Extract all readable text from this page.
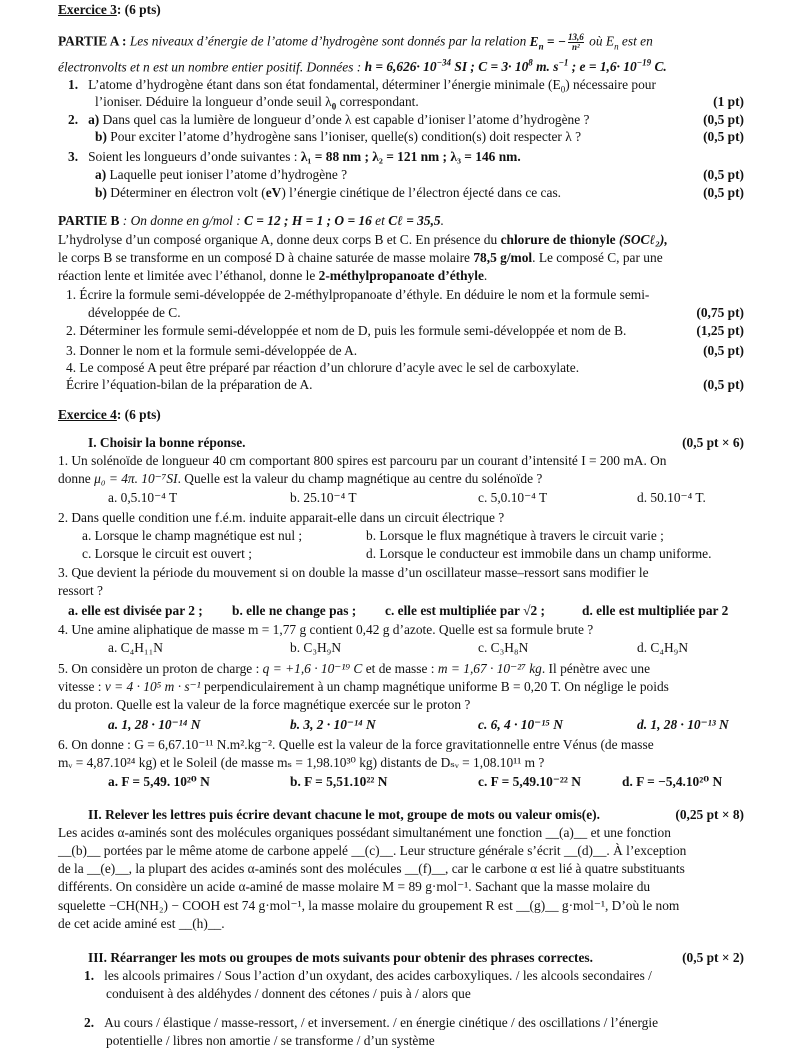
Exercice 3: (6 pts)
PARTIE A : Les niveaux d’énergie de l’atome d’hydrogène sont donnés par la relation $E_n$ = − $\frac{13,6}{\text{n²}}$ où $E_n$ est en
électronvolts et n est un nombre entier positif. Données : $h = 6,626\cdot 10^{-34}$ SI ; $C = 3\cdot 10^8$ m. $s^{-1}$ ; $e = 1,6\cdot 10^{-19}$ C.
1. L’atome d’hydrogène étant dans son état fondamental, déterminer l’énergie minimale $(E_0)$ nécessaire pour
l’ioniser. Déduire la longueur d’onde seuil $\lambda_0$ correspondant.	(1 pt)
2. a) Dans quel cas la lumière de longueur d’onde λ est capable d’ioniser l’atome d’hydrogène ?	(0,5 pt)
b) Pour exciter l’atome d’hydrogène sans l’ioniser, quelle(s) condition(s) doit respecter λ ?	(0,5 pt)
3. Soient les longueurs d’onde suivantes : λ₁ = 88 nm ; λ₂ = 121 nm ; λ₃ = 146 nm.
a) Laquelle peut ioniser l’atome d’hydrogène ?	(0,5 pt)
b) Déterminer en électron volt (eV) l’énergie cinétique de l’électron éjecté dans ce cas.	(0,5 pt)
PARTIE B : On donne en g/mol : C = 12 ; H = 1 ; O = 16 et Cℓ = 35,5.
L’hydrolyse d’un composé organique A, donne deux corps B et C. En présence du chlorure de thionyle (SOCℓ₂),
le corps B se transforme en un composé D à chaine saturée de masse molaire 78,5 g/mol. Le composé C, par une
réaction lente et limitée avec l’éthanol, donne le 2-méthylpropanoate d’éthyle.
1. Écrire la formule semi-développée de 2-méthylpropanoate d’éthyle. En déduire le nom et la formule semi-
développée de C.	(0,75 pt)
2. Déterminer les formule semi-développée et nom de D, puis les formule semi-développée et nom de B.	(1,25 pt)
3. Donner le nom et la formule semi-développée de A.	(0,5 pt)
4. Le composé A peut être préparé par réaction d’un chlorure d’acyle avec le sel de carboxylate.
Écrire l’équation-bilan de la préparation de A.	(0,5 pt)
Exercice 4: (6 pts)
I. Choisir la bonne réponse.	(0,5 pt × 6)
1. Un solénoïde de longueur 40 cm comportant 800 spires est parcouru par un courant d’intensité I = 200 mA. On
donne μ₀ = 4π. 10⁻⁷SI. Quelle est la valeur du champ magnétique au centre du solénoïde ?
a. 0,5.10⁻⁴ T	b. 25.10⁻⁴ T	c. 5,0.10⁻⁴ T	d. 50.10⁻⁴ T.
2. Dans quelle condition une f.é.m. induite apparait-elle dans un circuit électrique ?
a. Lorsque le champ magnétique est nul ;	b. Lorsque le flux magnétique à travers le circuit varie ;
c. Lorsque le circuit est ouvert ;	d. Lorsque le conducteur est immobile dans un champ uniforme.
3. Que devient la période du mouvement si on double la masse d’un oscillateur masse–ressort sans modifier le
ressort ?
a. elle est divisée par 2 ; b. elle ne change pas ; c. elle est multipliée par √2 ;	d. elle est multipliée par 2
4. Une amine aliphatique de masse m = 1,77 g contient 0,42 g d’azote. Quelle est sa formule brute ?
a. C₄H₁₁N	b. C₃H₉N	c. C₃H₈N	d. C₄H₉N
5. On considère un proton de charge : q = +1,6 · 10⁻¹⁹ C et de masse : m = 1,67 · 10⁻²⁷ kg. Il pénètre avec une
vitesse : v = 4 · 10⁵ m · s⁻¹ perpendiculairement à un champ magnétique uniforme B = 0,20 T. On néglige le poids
du proton. Quelle est la valeur de la force magnétique exercée sur le proton ?
a. 1, 28 · 10⁻¹⁴ N	b. 3, 2 · 10⁻¹⁴ N	c. 6, 4 · 10⁻¹⁵ N	d. 1, 28 · 10⁻¹³ N
6. On donne : G = 6,67.10⁻¹¹ N.m².kg⁻². Quelle est la valeur de la force gravitationnelle entre Vénus (de masse
mᵥ = 4,87.10²⁴ kg) et le Soleil (de masse mₛ = 1,98.10³⁰ kg) distants de Dₛᵥ = 1,08.10¹¹ m ?
a. F = 5,49. 10²⁰ N	b. F = 5,51.10²² N	c. F = 5,49.10⁻²² N	d. F = −5,4.10²⁰ N
II. Relever les lettres puis écrire devant chacune le mot, groupe de mots ou valeur omis(e).	(0,25 pt × 8)
Les acides α-aminés sont des molécules organiques possédant simultanément une fonction __(a)__ et une fonction
__(b)__ portées par le même atome de carbone appelé __(c)__. Leur structure générale s’écrit __(d)__. À l’exception
de la __(e)__, la plupart des acides α-aminés sont des molécules __(f)__, car le carbone α est lié à quatre substituants
différents. On considère un acide α-aminé de masse molaire M = 89 g·mol⁻¹. Sachant que la masse molaire du
squelette −CH(NH₂) − COOH est 74 g·mol⁻¹, la masse molaire du groupement R est __(g)__ g·mol⁻¹, D’où le nom
de cet acide aminé est __(h)__.
III. Réarranger les mots ou groupes de mots suivants pour obtenir des phrases correctes.	(0,5 pt × 2)
1. les alcools primaires / Sous l’action d’un oxydant, des acides carboxyliques. / les alcools secondaires /
conduisent à des aldéhydes / donnent des cétones / puis à / alors que
2. Au cours / élastique / masse-ressort, / et inversement. / en énergie cinétique / des oscillations / l’énergie
potentielle / libres non amortie / se transforme / d’un système
